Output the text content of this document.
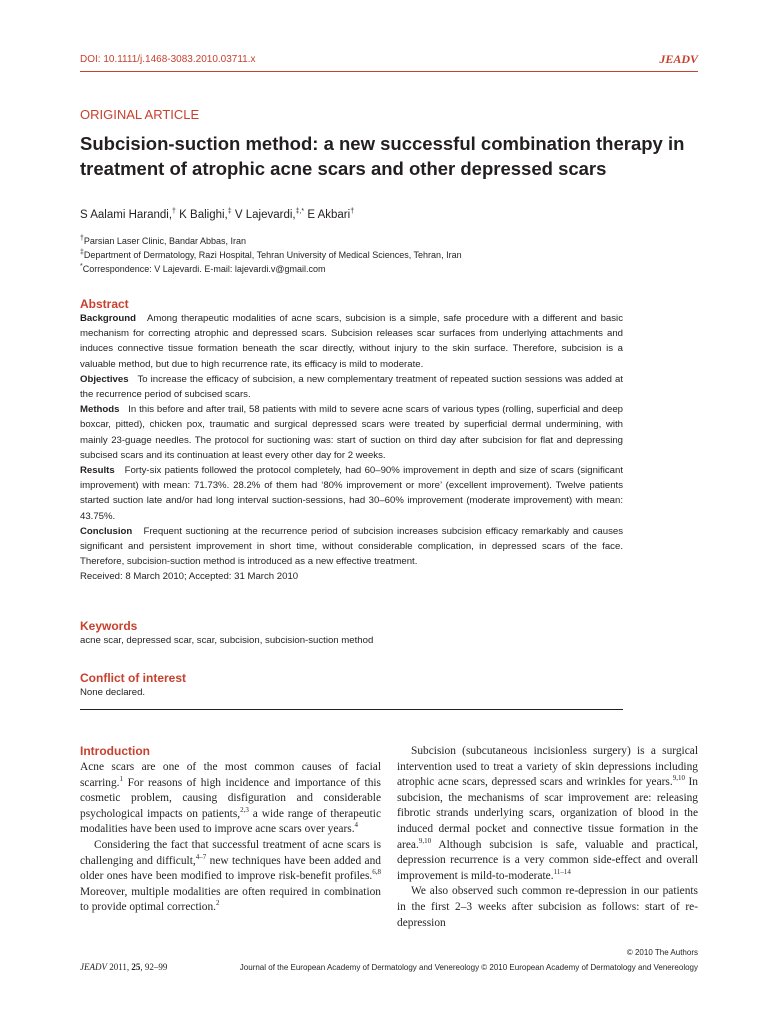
DOI: 10.1111/j.1468-3083.2010.03711.x	JEADV
ORIGINAL ARTICLE
Subcision-suction method: a new successful combination therapy in treatment of atrophic acne scars and other depressed scars
S Aalami Harandi,† K Balighi,‡ V Lajevardi,‡,* E Akbari†
†Parsian Laser Clinic, Bandar Abbas, Iran
‡Department of Dermatology, Razi Hospital, Tehran University of Medical Sciences, Tehran, Iran
*Correspondence: V Lajevardi. E-mail: lajevardi.v@gmail.com
Abstract

Background Among therapeutic modalities of acne scars, subcision is a simple, safe procedure with a different and basic mechanism for correcting atrophic and depressed scars. Subcision releases scar surfaces from underlying attachments and induces connective tissue formation beneath the scar directly, without injury to the skin surface. Therefore, subcision is a valuable method, but due to high recurrence rate, its efficacy is mild to moderate.

Objectives To increase the efficacy of subcision, a new complementary treatment of repeated suction sessions was added at the recurrence period of subcised scars.

Methods In this before and after trail, 58 patients with mild to severe acne scars of various types (rolling, superficial and deep boxcar, pitted), chicken pox, traumatic and surgical depressed scars were treated by superficial dermal undermining, with mainly 23-guage needles. The protocol for suctioning was: start of suction on third day after subcision for flat and depressing subcised scars and its continuation at least every other day for 2 weeks.

Results Forty-six patients followed the protocol completely, had 60–90% improvement in depth and size of scars (significant improvement) with mean: 71.73%. 28.2% of them had ‘80% improvement or more’ (excellent improvement). Twelve patients started suction late and/or had long interval suction-sessions, had 30–60% improvement (moderate improvement) with mean: 43.75%.

Conclusion Frequent suctioning at the recurrence period of subcision increases subcision efficacy remarkably and causes significant and persistent improvement in short time, without considerable complication, in depressed scars of the face. Therefore, subcision-suction method is introduced as a new effective treatment.

Received: 8 March 2010; Accepted: 31 March 2010

Keywords
acne scar, depressed scar, scar, subcision, subcision-suction method
Conflict of interest
None declared.
Introduction

Acne scars are one of the most common causes of facial scarring.$^1$ For reasons of high incidence and importance of this cosmetic problem, causing disfiguration and considerable psychological impacts on patients,$^{2,3}$ a wide range of therapeutic modalities have been used to improve acne scars over years.$^4$

Considering the fact that successful treatment of acne scars is challenging and difficult,$^{4-7}$ new techniques have been added and older ones have been modified to improve risk-benefit profiles.$^{6,8}$ Moreover, multiple modalities are often required in combination to provide optimal correction.$^2$

Subcision (subcutaneous incisionless surgery) is a surgical intervention used to treat a variety of skin depressions including atrophic acne scars, depressed scars and wrinkles for years.$^{9,10}$ In subcision, the mechanisms of scar improvement are: releasing fibrotic strands underlying scars, organization of blood in the induced dermal pocket and connective tissue formation in the area.$^{9,10}$ Although subcision is safe, valuable and practical, depression recurrence is a very common side-effect and overall improvement is mild-to-moderate.$^{11-14}$

We also observed such common re-depression in our patients in the first 2–3 weeks after subcision as follows: start of re-depression

© 2010 The Authors
JEADV 2011, 25, 92–99	Journal of the European Academy of Dermatology and Venereology © 2010 European Academy of Dermatology and Venereology
